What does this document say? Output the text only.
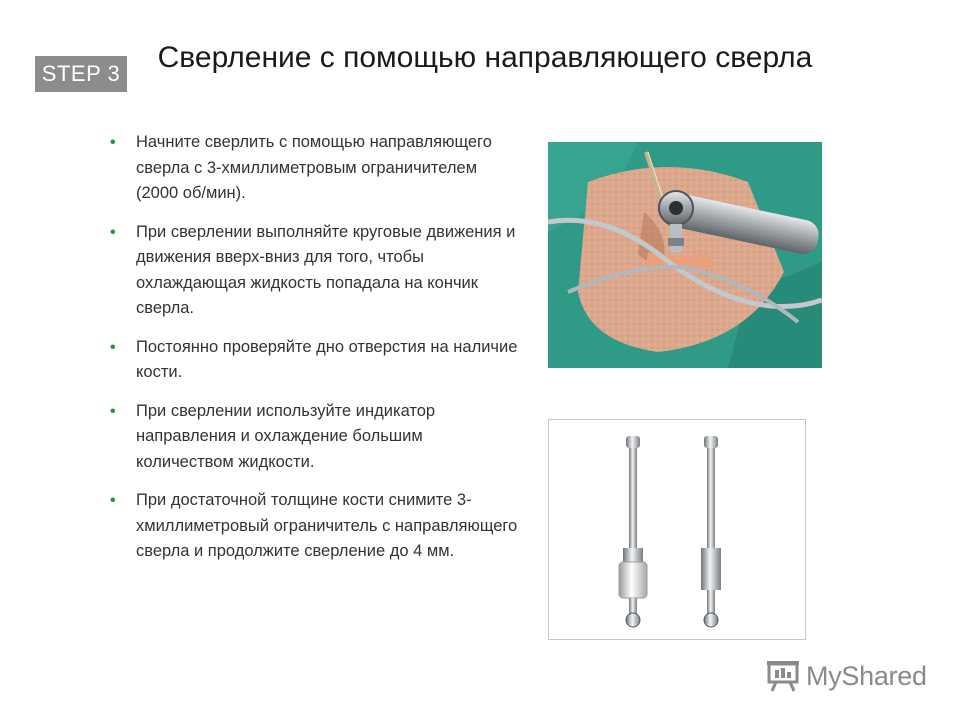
STEP 3 Сверление с помощью направляющего сверла
• Начните сверлить с помощью направляющего сверла с 3-хмиллиметровым ограничителем (2000 об/мин).
• При сверлении выполняйте круговые движения и движения вверх-вниз для того, чтобы охлаждающая жидкость попадала на кончик сверла.
• Постоянно проверяйте дно отверстия на наличие кости.
• При сверлении используйте индикатор направления и охлаждение большим количеством жидкости.
• При достаточной толщине кости снимите 3-хмиллиметровый ограничитель с направляющего сверла и продолжите сверление до 4 мм.
MyShared
